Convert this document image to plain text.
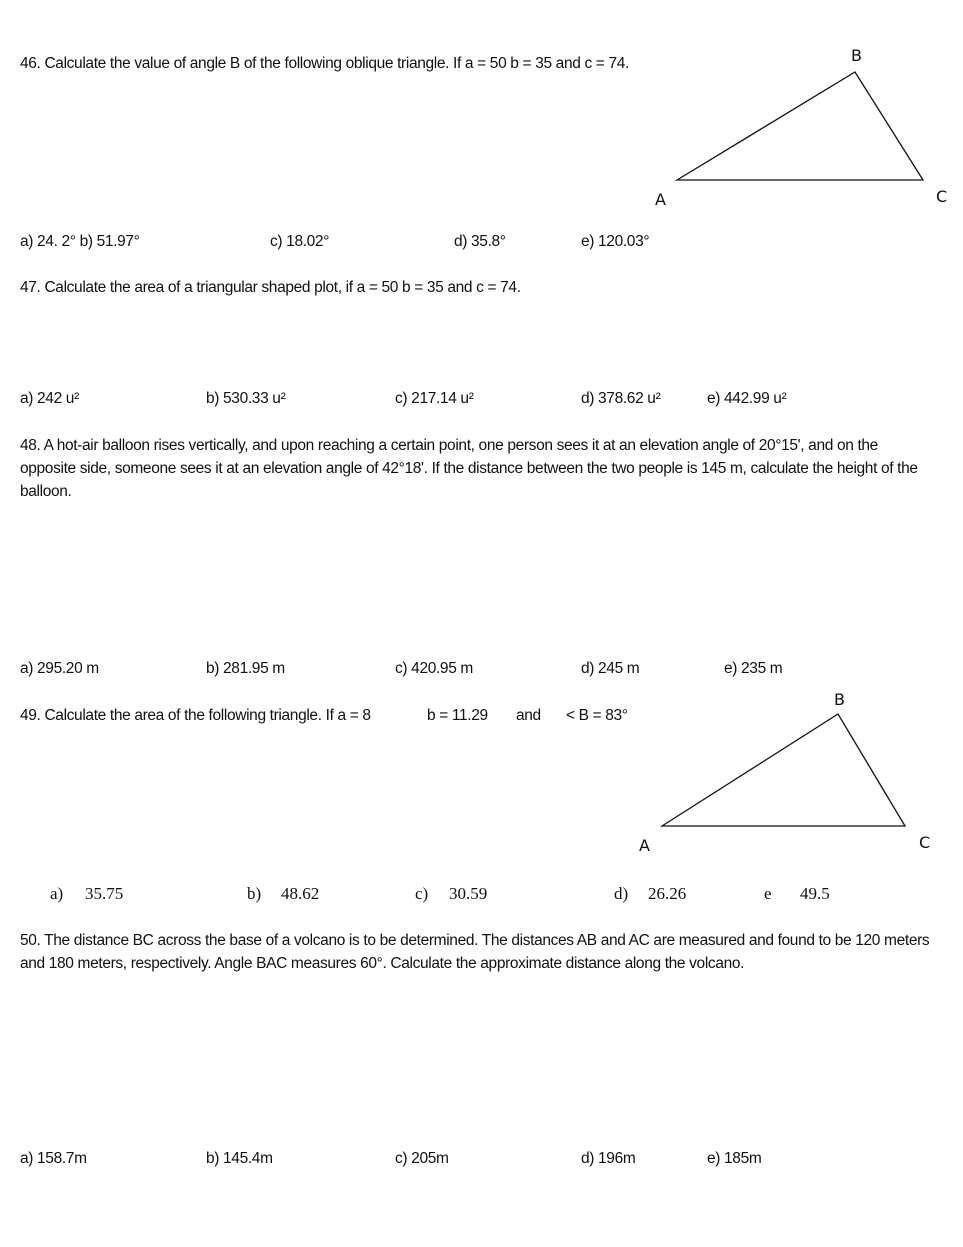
46. Calculate the value of angle B of the following oblique triangle. If a = 50 b = 35 and c = 74.	B
A	C
a) 24. 2° b) 51.97°	c) 18.02°	d) 35.8°	e) 120.03°
47. Calculate the area of a triangular shaped plot, if a = 50 b = 35 and c = 74.
a) 242 u²	b) 530.33 u²	c) 217.14 u²	d) 378.62 u²	e) 442.99 u²
48. A hot-air balloon rises vertically, and upon reaching a certain point, one person sees it at an elevation angle of 20°15', and on the opposite side, someone sees it at an elevation angle of 42°18'. If the distance between the two people is 145 m, calculate the height of the balloon.
a) 295.20 m	b) 281.95 m	c) 420.95 m	d) 245 m	e) 235 m
49. Calculate the area of the following triangle. If a = 8	b = 11.29 and < B = 83°
B
A	C
a) 35.75	b) 48.62	c) 30.59	d) 26.26	e 49.5
50. The distance BC across the base of a volcano is to be determined. The distances AB and AC are measured and found to be 120 meters and 180 meters, respectively. Angle BAC measures 60°. Calculate the approximate distance along the volcano.
a) 158.7m	b) 145.4m	c) 205m	d) 196m	e) 185m
